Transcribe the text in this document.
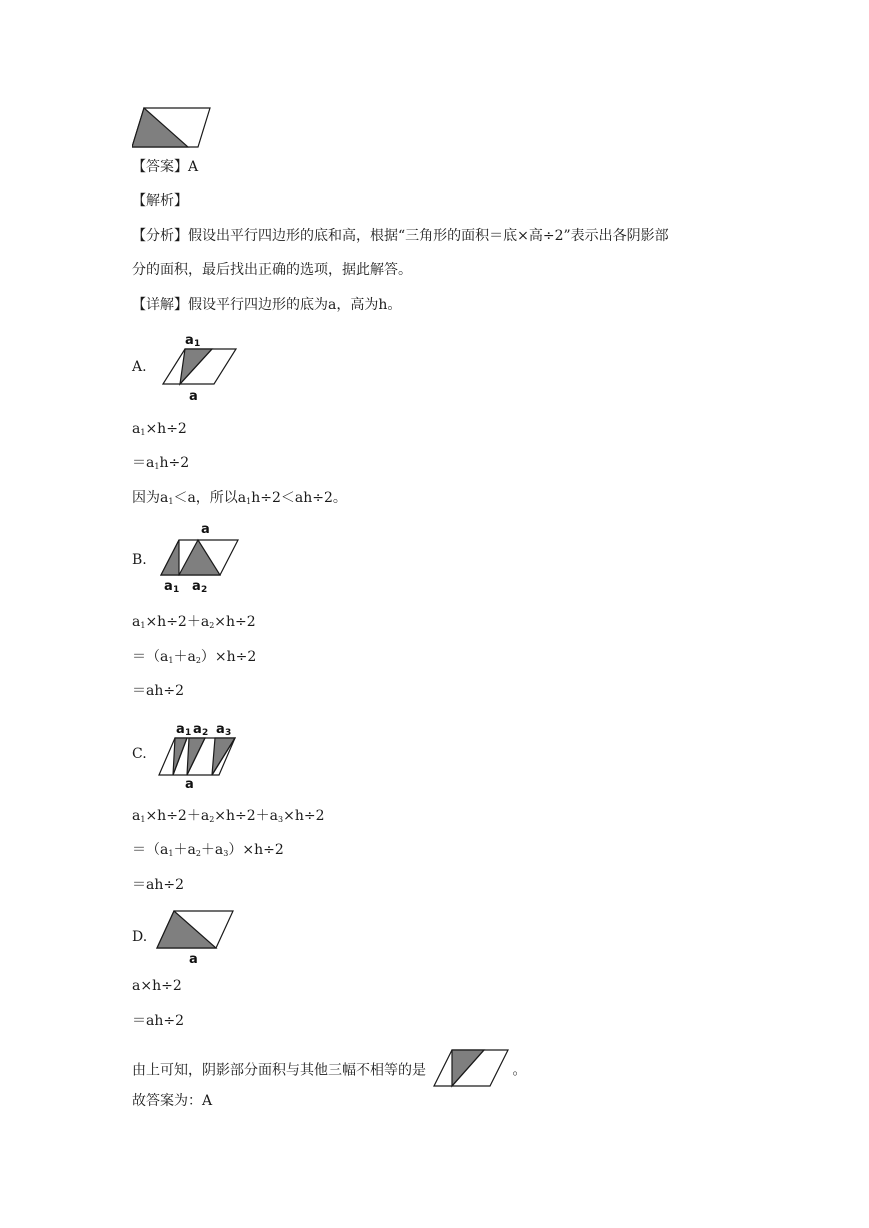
【答案】A
【解析】
【分析】假设出平行四边形的底和高，根据“三角形的面积＝底×高÷2”表示出各阴影部
分的面积，最后找出正确的选项，据此解答。
【详解】假设平行四边形的底为a，高为h。
A.
a 1
a
$a_1\times h\div 2$
$=a_1h\div 2$
因为$a_1<a$，所以$a_1h\div 2<ah\div 2$。
B.
a
a 1 a 2
$a_1\times h\div 2+a_2\times h\div 2$
$=(a_1+a_2)\times h\div 2$
＝ah÷2
C.
a 1 a 2 a 3
a
$a_1\times h\div 2+a_2\times h\div 2+a_3\times h\div 2$
$=(a_1+a_2+a_3)\times h\div 2$
＝ah÷2
D.
a
a×h÷2
＝ah÷2
由上可知，阴影部分面积与其他三幅不相等的是	。
故答案为：A
